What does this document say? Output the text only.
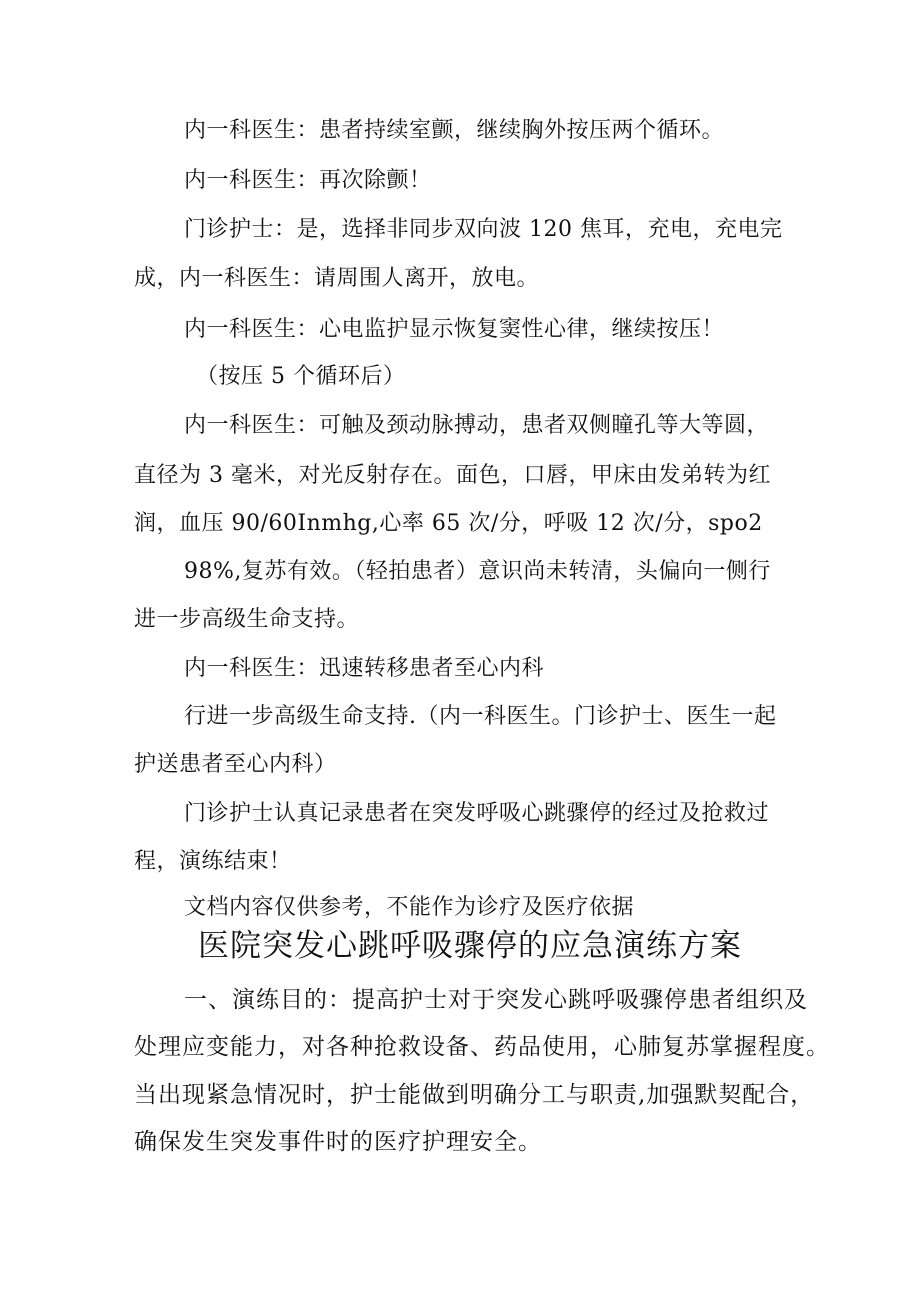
内一科医生：患者持续室颤，继续胸外按压两个循环。
内一科医生：再次除颤！
门诊护士：是，选择非同步双向波 120 焦耳，充电，充电完
成，内一科医生：请周围人离开，放电。
内一科医生：心电监护显示恢复窦性心律，继续按压！
（按压 5 个循环后）
内一科医生：可触及颈动脉搏动，患者双侧瞳孔等大等圆，
直径为 3 毫米，对光反射存在。面色，口唇，甲床由发弟转为红
润，血压 90/60Inmhg,心率 65 次/分，呼吸 12 次/分，spo2
98%,复苏有效。（轻拍患者）意识尚未转清，头偏向一侧行
进一步高级生命支持。
内一科医生：迅速转移患者至心内科
行进一步高级生命支持.（内一科医生。门诊护士、医生一起
护送患者至心内科）
门诊护士认真记录患者在突发呼吸心跳骤停的经过及抢救过
程，演练结束！
文档内容仅供参考，不能作为诊疗及医疗依据
医院突发心跳呼吸骤停的应急演练方案
一、演练目的：提高护士对于突发心跳呼吸骤停患者组织及
处理应变能力，对各种抢救设备、药品使用，心肺复苏掌握程度。
当出现紧急情况时，护士能做到明确分工与职责,加强默契配合，
确保发生突发事件时的医疗护理安全。
